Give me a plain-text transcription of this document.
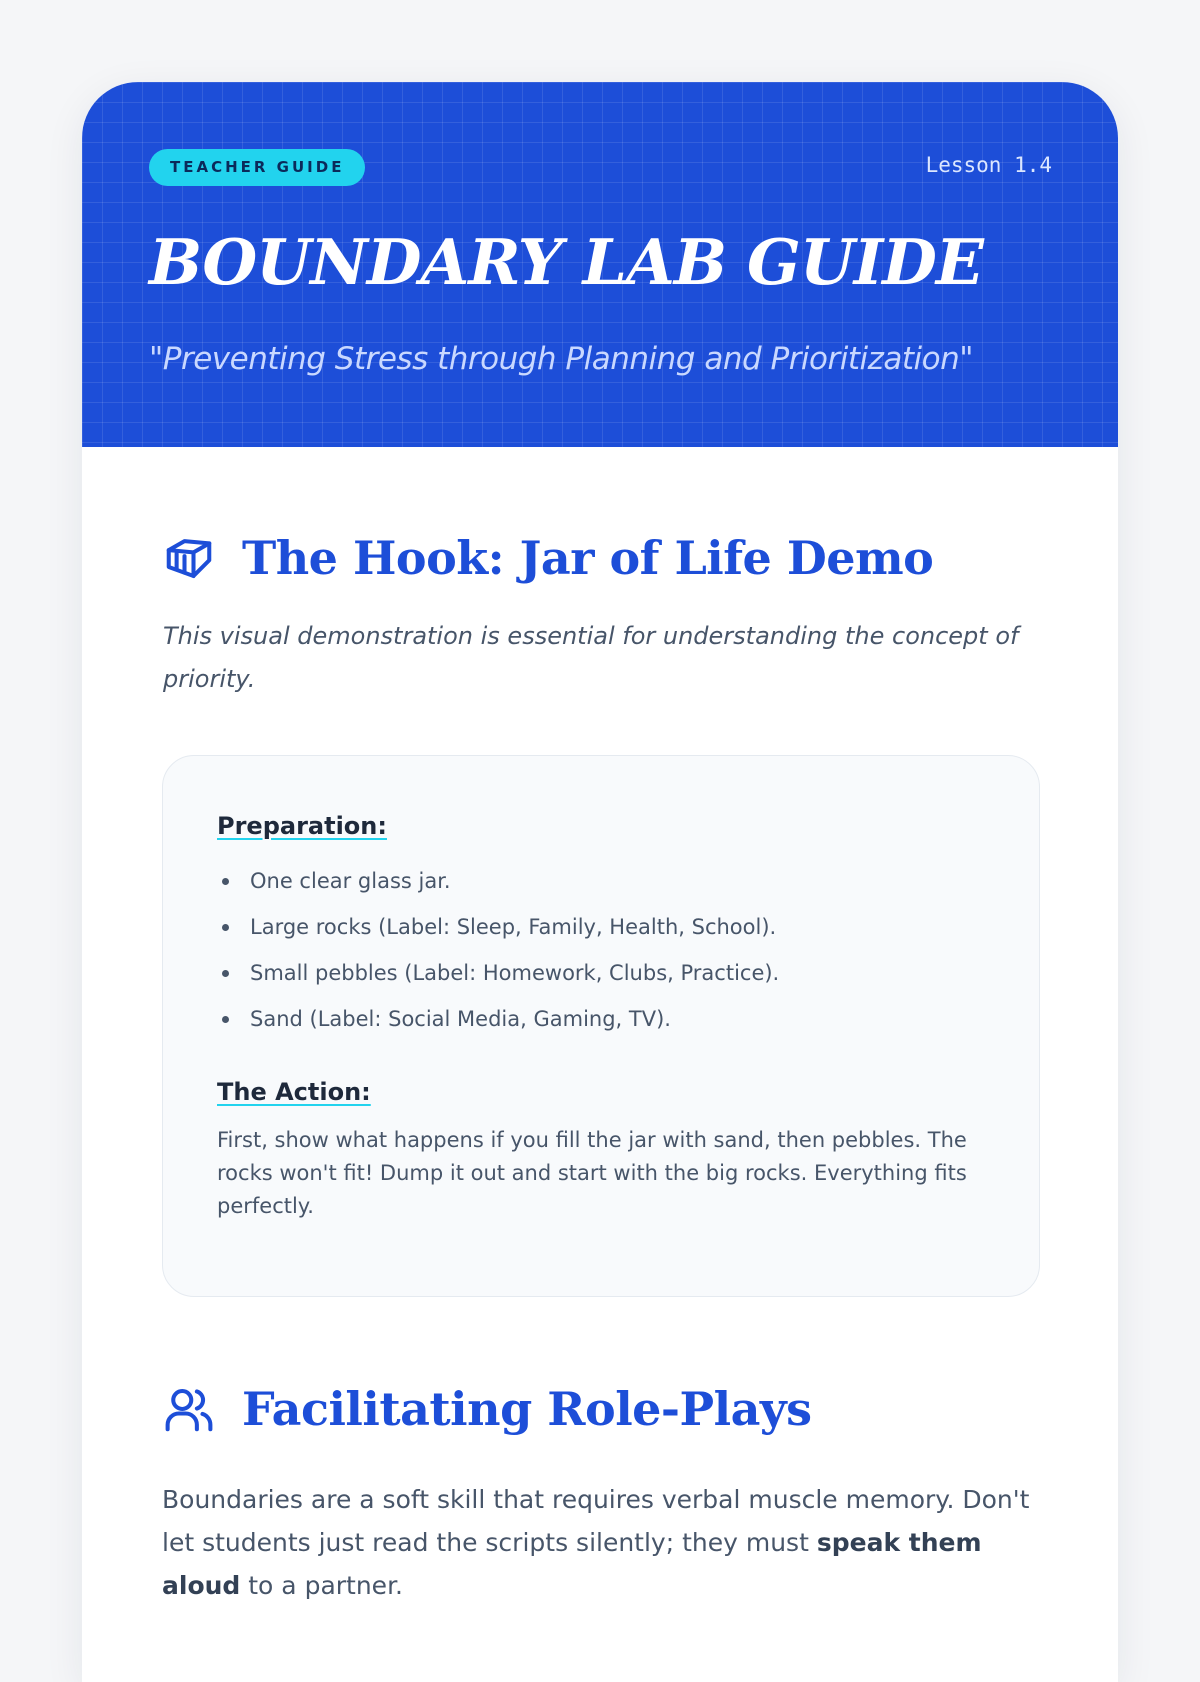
TEACHER GUIDE	Lesson 1.4
BOUNDARY LAB GUIDE
"Preventing Stress through Planning and Prioritization"
The Hook: Jar of Life Demo

This visual demonstration is essential for understanding the concept of priority.

Preparation:
One clear glass jar.
Large rocks (Label: Sleep, Family, Health, School).
Small pebbles (Label: Homework, Clubs, Practice).
Sand (Label: Social Media, Gaming, TV).
The Action:

First, show what happens if you fill the jar with sand, then pebbles. The rocks won't fit! Dump it out and start with the big rocks. Everything fits perfectly.

Facilitating Role-Plays

Boundaries are a soft skill that requires verbal muscle memory. Don't let students just read the scripts silently; they must speak them aloud to a partner.
